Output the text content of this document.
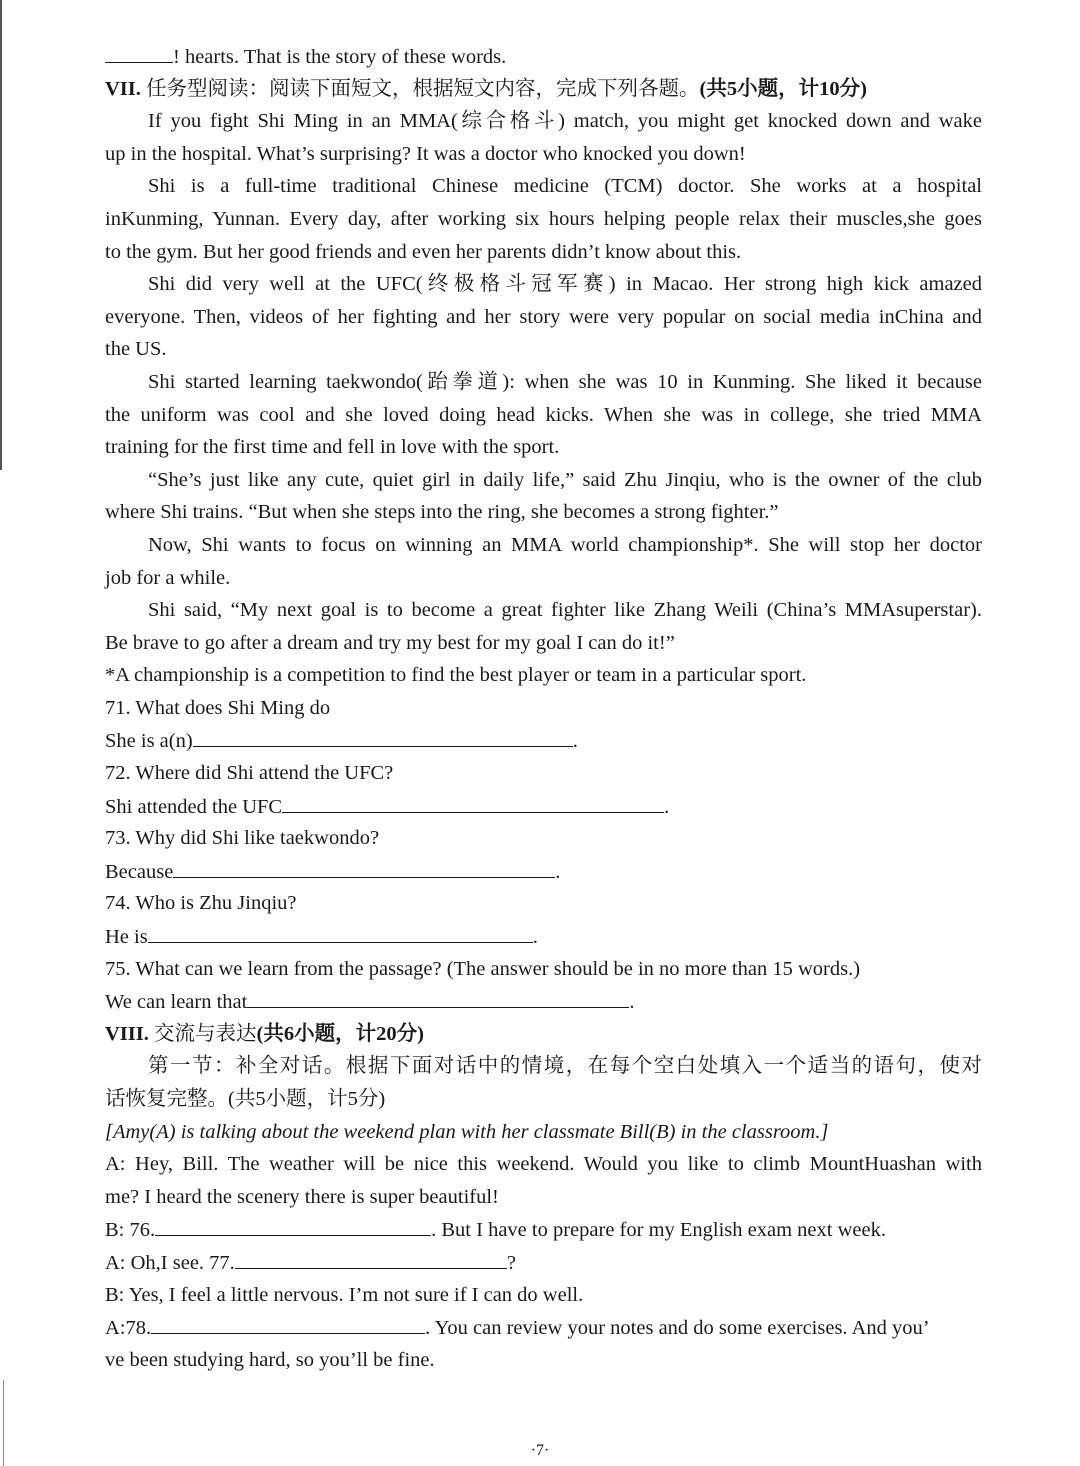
! hearts. That is the story of these words.
VII. 任务型阅读：阅读下面短文，根据短文内容，完成下列各题。(共5小题，计10分)
If you fight Shi Ming in an MMA(综合格斗) match, you might get knocked down and wake
up in the hospital. What’s surprising? It was a doctor who knocked you down!
Shi is a full-time traditional Chinese medicine (TCM) doctor. She works at a hospital
inKunming, Yunnan. Every day, after working six hours helping people relax their muscles,she goes
to the gym. But her good friends and even her parents didn’t know about this.
Shi did very well at the UFC(终极格斗冠军赛) in Macao. Her strong high kick amazed
everyone. Then, videos of her fighting and her story were very popular on social media inChina and
the US.
Shi started learning taekwondo(跆拳道): when she was 10 in Kunming. She liked it because
the uniform was cool and she loved doing head kicks. When she was in college, she tried MMA
training for the first time and fell in love with the sport.
“She’s just like any cute, quiet girl in daily life,” said Zhu Jinqiu, who is the owner of the club
where Shi trains. “But when she steps into the ring, she becomes a strong fighter.”
Now, Shi wants to focus on winning an MMA world championship*. She will stop her doctor
job for a while.
Shi said, “My next goal is to become a great fighter like Zhang Weili (China’s MMAsuperstar).
Be brave to go after a dream and try my best for my goal I can do it!”
*A championship is a competition to find the best player or team in a particular sport.
71. What does Shi Ming do
She is a(n)	.
72. Where did Shi attend the UFC?
Shi attended the UFC	.
73. Why did Shi like taekwondo?
Because	.
74. Who is Zhu Jinqiu?
He is	.
75. What can we learn from the passage? (The answer should be in no more than 15 words.)
We can learn that	.
VIII. 交流与表达(共6小题，计20分)
第一节：补全对话。根据下面对话中的情境，在每个空白处填入一个适当的语句，使对
话恢复完整。(共5小题，计5分)
[Amy(A) is talking about the weekend plan with her classmate Bill(B) in the classroom.]
A: Hey, Bill. The weather will be nice this weekend. Would you like to climb MountHuashan with
me? I heard the scenery there is super beautiful!
B: 76.	. But I have to prepare for my English exam next week.
A: Oh,I see. 77.	?
B: Yes, I feel a little nervous. I’m not sure if I can do well.
A:78.	. You can review your notes and do some exercises. And you’
ve been studying hard, so you’ll be fine.
·7·
